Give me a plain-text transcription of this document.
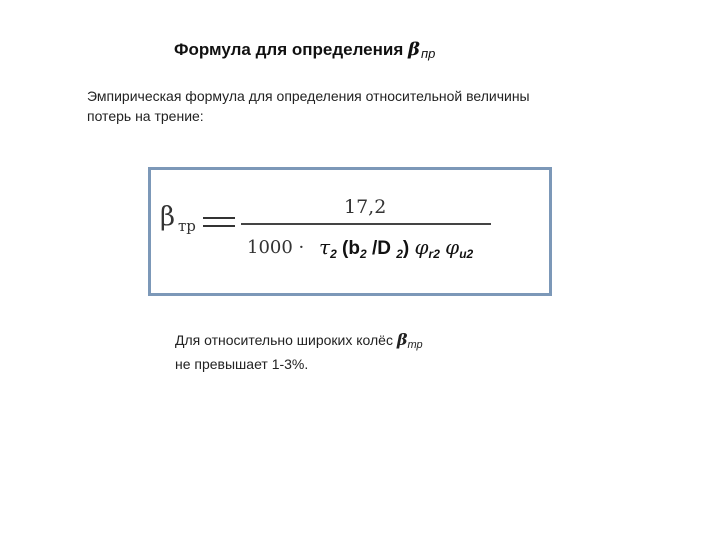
Формула для определения $\beta_{пр}$
Эмпирическая формула для определения относительной величины
потерь на трение:
β тр
17,2
$1000 \cdot \tau_2$ ($b_2$ /D $_2$) $\varphi_{r2}$ $\varphi_{u2}$
Для относительно широких колёс $\beta_{тр}$
не превышает 1-3%.
